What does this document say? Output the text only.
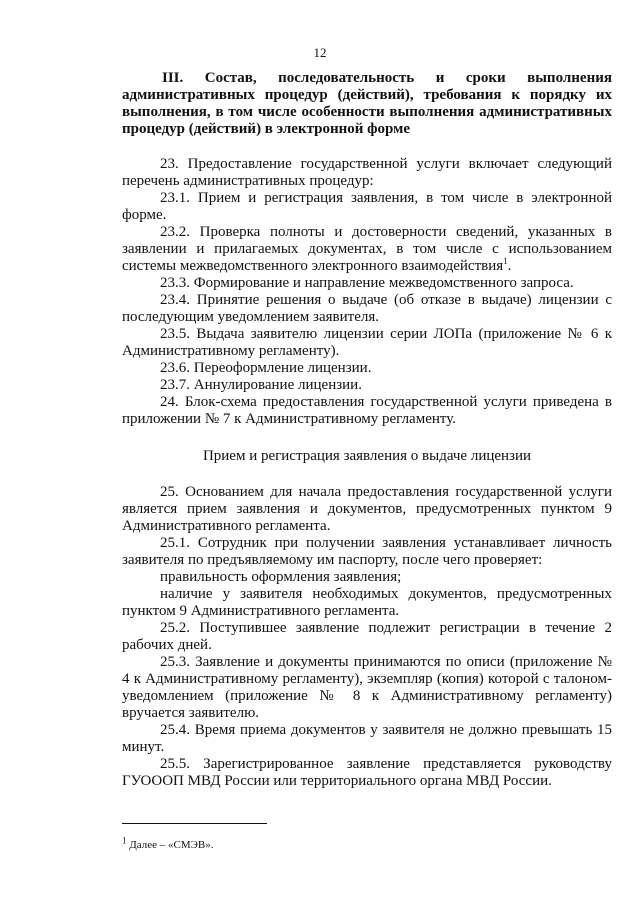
12
III. Состав, последовательность и сроки выполнения
административных процедур (действий), требования к порядку их выполнения, в том числе особенности выполнения административных процедур (действий) в электронной форме

23. Предоставление государственной услуги включает следующий перечень административных процедур:

23.1. Прием и регистрация заявления, в том числе в электронной форме.

23.2. Проверка полноты и достоверности сведений, указанных в заявлении и прилагаемых документах, в том числе с использованием системы межведомственного электронного взаимодействия$^1$.

23.3. Формирование и направление межведомственного запроса.

23.4. Принятие решения о выдаче (об отказе в выдаче) лицензии с последующим уведомлением заявителя.

23.5. Выдача заявителю лицензии серии ЛОПа (приложение № 6 к Административному регламенту).

23.6. Переоформление лицензии.

23.7. Аннулирование лицензии.

24. Блок-схема предоставления государственной услуги приведена в приложении № 7 к Административному регламенту.

Прием и регистрация заявления о выдаче лицензии

25. Основанием для начала предоставления государственной услуги является прием заявления и документов, предусмотренных пунктом 9 Административного регламента.

25.1. Сотрудник при получении заявления устанавливает личность заявителя по предъявляемому им паспорту, после чего проверяет:

правильность оформления заявления;

наличие у заявителя необходимых документов, предусмотренных пунктом 9 Административного регламента.

25.2. Поступившее заявление подлежит регистрации в течение 2 рабочих дней.

25.3. Заявление и документы принимаются по описи (приложение № 4 к Административному регламенту), экземпляр (копия) которой с талоном-уведомлением (приложение № 8 к Административному регламенту) вручается заявителю.

25.4. Время приема документов у заявителя не должно превышать 15 минут.

25.5. Зарегистрированное заявление представляется руководству ГУОООП МВД России или территориального органа МВД России.

$^1$ Далее – «СМЭВ».
